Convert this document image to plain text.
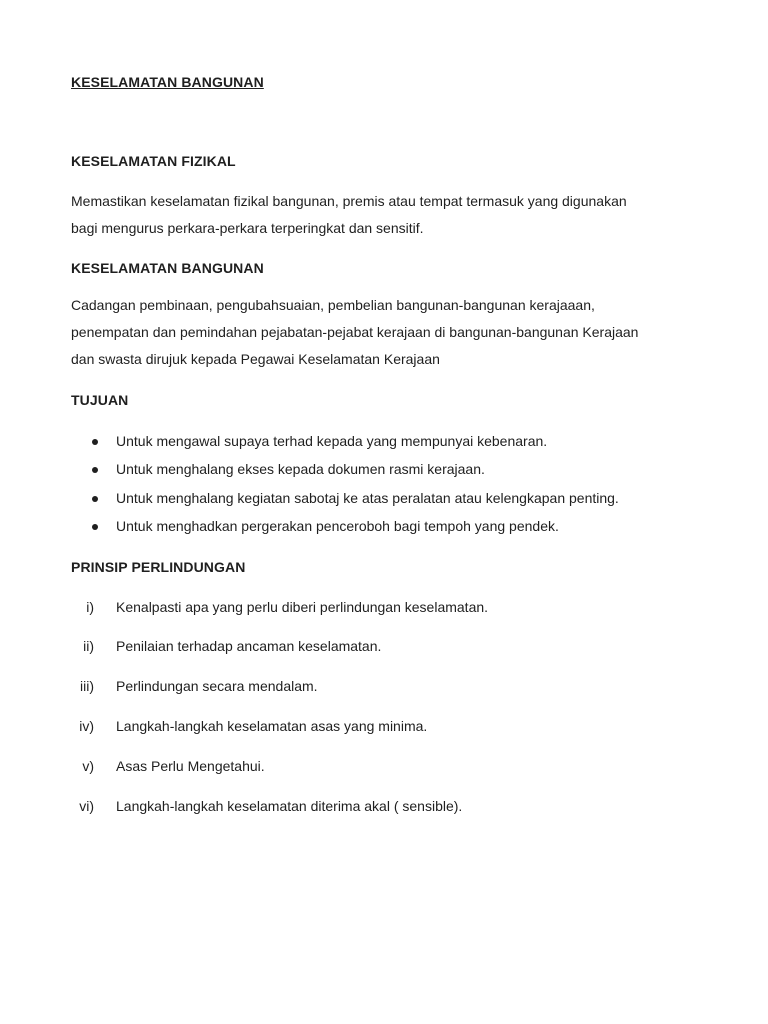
KESELAMATAN BANGUNAN
KESELAMATAN FIZIKAL
Memastikan keselamatan fizikal bangunan, premis atau tempat termasuk yang digunakan
bagi mengurus perkara-perkara terperingkat dan sensitif.
KESELAMATAN BANGUNAN
Cadangan pembinaan, pengubahsuaian, pembelian bangunan-bangunan kerajaaan,
penempatan dan pemindahan pejabatan-pejabat kerajaan di bangunan-bangunan Kerajaan
dan swasta dirujuk kepada Pegawai Keselamatan Kerajaan
TUJUAN
Untuk mengawal supaya terhad kepada yang mempunyai kebenaran.
Untuk menghalang ekses kepada dokumen rasmi kerajaan.
Untuk menghalang kegiatan sabotaj ke atas peralatan atau kelengkapan penting.
Untuk menghadkan pergerakan penceroboh bagi tempoh yang pendek.
PRINSIP PERLINDUNGAN
i) Kenalpasti apa yang perlu diberi perlindungan keselamatan.
ii) Penilaian terhadap ancaman keselamatan.
iii) Perlindungan secara mendalam.
iv) Langkah-langkah keselamatan asas yang minima.
v) Asas Perlu Mengetahui.
vi) Langkah-langkah keselamatan diterima akal ( sensible).
